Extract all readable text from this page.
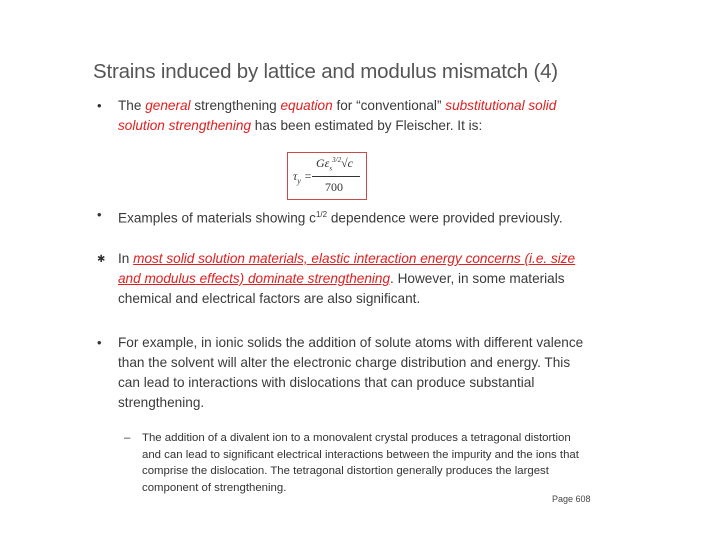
Strains induced by lattice and modulus mismatch (4)
• The general strengthening equation for “conventional” substitutional solid solution strengthening has been estimated by Fleischer. It is:
$\tau_y$ =
$G\varepsilon_s^{3/2}√c$
700
• Examples of materials showing $c^{1/2}$ dependence were provided previously.
✱ In most solid solution materials, elastic interaction energy concerns (i.e. size and modulus effects) dominate strengthening. However, in some materials chemical and electrical factors are also significant.
• For example, in ionic solids the addition of solute atoms with different valence than the solvent will alter the electronic charge distribution and energy. This can lead to interactions with dislocations that can produce substantial strengthening.
– The addition of a divalent ion to a monovalent crystal produces a tetragonal distortion and can lead to significant electrical interactions between the impurity and the ions that comprise the dislocation. The tetragonal distortion generally produces the largest component of strengthening.
Page 608
